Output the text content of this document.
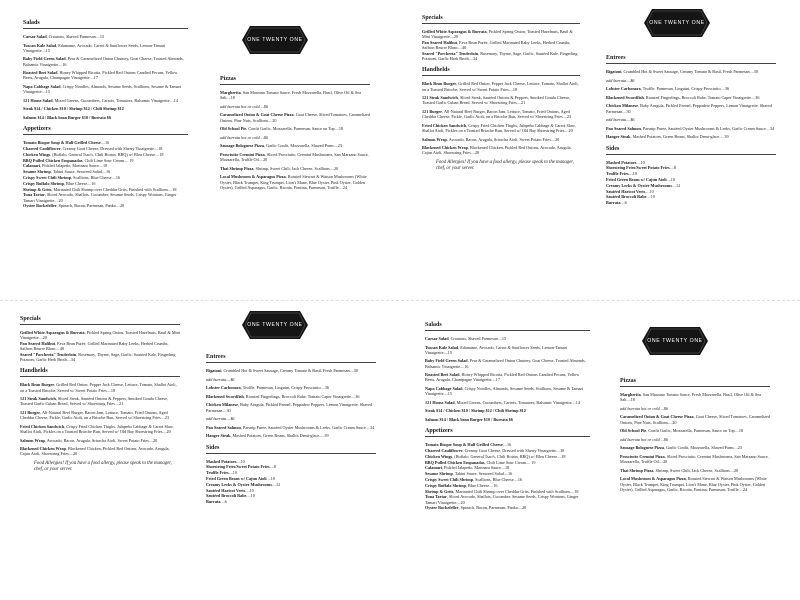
Salads
Caesar Salad, Croutons, Shaved Parmesan....15
Tuscan Kale Salad, Edamame, Avocado, Carrot & Sunflower Seeds, Lemon-Tamari Vinaigrette....15
Baby Field Green Salad, Pear & Caramelized Onion Chutney, Goat Cheese, Toasted Almonds, Balsamic Vinaigrette....16
Roasted Beet Salad, Honey Whipped Ricotta, Pickled Red Onions Candied Pecans, Yellow Beets, Arugula, Champagne Vinaigrette....17
Napa Cabbage Salad, Crispy Noodles, Almonds, Sesame Seeds, Scallions, Sesame & Tamari Vinaigrette....15
121 House Salad, Mixed Greens, Cucumbers, Carrots, Tomatoes, Balsamic Vinaigrette....14
Steak $14 / Chicken $10 / Shrimp $12 / Chili Shrimp $12
Salmon $14 / Black bean Burger $10 / Burrata $6
Appetizers
Tomato Bisque Soup & Half Grilled Cheese....16
Charred Cauliflower, Creamy Goat Cheese, Dressed with Sherry Vinaigrette....18
Chicken Wings, (Buffalo, General Tsao's, Chili Hoisin, BBQ) w/ Bleu Cheese....18
BBQ Pulled Chicken Empanadas, Chili Lime Sour Cream.... 19
Calamari, Pickled Jalapeño, Marinara Sauce....18
Sesame Shrimp, Tahini Sauce, Seaweed Salad....16
Crispy Sweet Chili Shrimp, Scallions, Blue Cheese....16
Crispy Buffalo Shrimp, Blue Cheese....16
Shrimp & Grits, Marinated Chili Shrimp over Cheddar Grits, Finished with Scallions....18
Tuna Tartar, Sliced Avocado, Shallots, Cucumber, Sesame Seeds, Crispy Wontons, Ginger Tamari Vinaigrette....20
Oyster Rockefeller, Spinach, Bacon, Parmesan, Panko....20
ONE TWENTY ONE
Pizzas
Margherita, San Marzano Tomato Sauce, Fresh Mozzarella, Basil, Olive Oil & Sea Salt....18
add burrata hot or cold....$6
Caramelized Onion & Goat Cheese Pizza, Goat Cheese, Sliced Tomatoes, Caramelized Onions, Pine Nuts, Scallions....20
Old School Pie, Confit Garlic, Mozzarella, Parmesan, Sauce on Top....18
add burrata hot or cold....$6
Sausage Bolognese Pizza, Garlic Confit, Mozzarella, Shaved Parm....23
Prosciutto Cremini Pizza, Sliced Prosciutto, Cremini Mushrooms, San Marzano Sauce, Mozzarella, Truffle Oil....20
Thai Shrimp Pizza, Shrimp, Sweet Chili, Jack Cheese, Scallions....20
Local Mushroom & Asparagus Pizza, Roasted Stewart & Watson Mushrooms (White Oyster, Black Trumpet, King Trumpet, Lion's Mane, Blue Oyster, Pink Oyster, Golden Oyster), Grilled Asparagus, Garlic, Ricotta, Fontina, Parmesan, Truffle....24
Specials
Grilled White Asparagus & Burrata, Pickled Spring Onion, Toasted Hazelnuts, Basil & Mint Vinaigrette....20
Pan Seared Halibut, Fava Bean Purée, Grilled Marinated Baby Leeks, Herbed Crumbs, Saffron Beurre Blanc....40
Seared "Porcheeta" Tenderloin, Rosemary, Thyme, Sage, Garlic, Sautéed Kale, Fingerling Potatoes, Garlic Herb Broth....34
Handhelds
Black Bean Burger, Grilled Red Onion, Pepper Jack Cheese, Lettuce, Tomato, Shallot Aioli, on a Toasted Brioche, Served w/ Sweet Potato Fries....18
121 Steak Sandwich, Sliced Steak, Sautéed Onions & Peppers, Smoked Gouda Cheese, Toasted Garlic Cuban Bread, Served w/ Shoestring Fries....21
121 Burger, All-Natural Beef Burger, Bacon Jam, Lettuce, Tomato, Fried Onions, Aged Cheddar Cheese, Pickle, Garlic Aioli, on a Brioche Bun, Served w/ Shoestring Fries....23
Fried Chicken Sandwich, Crispy Fried Chicken Thighs, Jalapeño Cabbage & Carrot Slaw, Shallot Aioli, Pickles on a Toasted Brioche Bun, Served w/ Old Bay Shoestring Fries....20
Salmon Wrap, Avocado, Bacon, Arugula, Sriracha Aioli, Sweet Potato Fries....20
Blackened Chicken Wrap, Blackened Chicken, Pickled Red Onions, Avocado, Arugula, Cajun Aioli, Shoestring Fries....20
Food Allergies! If you have a food allergy, please speak to the manager, chef, or your server.
ONE TWENTY ONE
Entrees
Rigatoni, Crumbled Hot & Sweet Sausage, Creamy Tomato & Basil, Fresh Parmesan....30
add burrata....$6
Lobster Carbonara, Truffle, Parmesan, Linguini, Crispy Prosciutto....36
Blackened Swordfish, Roasted Fingerlings, Broccoli Rabe, Tomato Caper Vinaigrette....36
Chicken Milanese, Baby Arugula, Pickled Fennel, Peppadew Peppers, Lemon Vinaigrette, Shaved Parmesan....30
add burrata....$6
Pan Seared Salmon, Parsnip Puree, Sautéed Oyster Mushrooms & Leeks, Garlic Cream Sauce....34
Hanger Steak, Mashed Potatoes, Green Beans, Shallot Demi-glace.....39
Sides
Mashed Potatoes....10
Shoestring Fries/Sweet Potato Fries....8
Truffle Fries....10
Fried Green Beans w/ Cajun Aioli....10
Creamy Leeks & Oyster Mushrooms....12
Sautéed Haricot Verts....10
Sautéed Broccoli Rabe....10
Burrata....6
Specials
Grilled White Asparagus & Burrata, Pickled Spring Onion, Toasted Hazelnuts, Basil & Mint Vinaigrette....20
Pan Seared Halibut, Fava Bean Purée, Grilled Marinated Baby Leeks, Herbed Crumbs, Saffron Beurre Blanc....40
Seared "Porcheeta" Tenderloin, Rosemary, Thyme, Sage, Garlic, Sautéed Kale, Fingerling Potatoes, Garlic Herb Broth....34
Handhelds
Black Bean Burger, Grilled Red Onion, Pepper Jack Cheese, Lettuce, Tomato, Shallot Aioli, on a Toasted Brioche, Served w/ Sweet Potato Fries....18
121 Steak Sandwich, Sliced Steak, Sautéed Onions & Peppers, Smoked Gouda Cheese, Toasted Garlic Cuban Bread, Served w/ Shoestring Fries....21
121 Burger, All-Natural Beef Burger, Bacon Jam, Lettuce, Tomato, Fried Onions, Aged Cheddar Cheese, Pickle, Garlic Aioli, on a Brioche Bun, Served w/ Shoestring Fries....23
Fried Chicken Sandwich, Crispy Fried Chicken Thighs, Jalapeño Cabbage & Carrot Slaw, Shallot Aioli, Pickles on a Toasted Brioche Bun, Served w/ Old Bay Shoestring Fries....20
Salmon Wrap, Avocado, Bacon, Arugula, Sriracha Aioli, Sweet Potato Fries....20
Blackened Chicken Wrap, Blackened Chicken, Pickled Red Onions, Avocado, Arugula, Cajun Aioli, Shoestring Fries....20
Food Allergies! If you have a food allergy, please speak to the manager, chef, or your server.
ONE TWENTY ONE
Entrees
Rigatoni, Crumbled Hot & Sweet Sausage, Creamy Tomato & Basil, Fresh Parmesan....30
add burrata....$6
Lobster Carbonara, Truffle, Parmesan, Linguini, Crispy Prosciutto....36
Blackened Swordfish, Roasted Fingerlings, Broccoli Rabe, Tomato Caper Vinaigrette....36
Chicken Milanese, Baby Arugula, Pickled Fennel, Peppadew Peppers, Lemon Vinaigrette, Shaved Parmesan....30
add burrata....$6
Pan Seared Salmon, Parsnip Puree, Sautéed Oyster Mushrooms & Leeks, Garlic Cream Sauce....34
Hanger Steak, Mashed Potatoes, Green Beans, Shallot Demi-glace.....39
Sides
Mashed Potatoes....10
Shoestring Fries/Sweet Potato Fries....8
Truffle Fries....10
Fried Green Beans w/ Cajun Aioli....10
Creamy Leeks & Oyster Mushrooms....12
Sautéed Haricot Verts....10
Sautéed Broccoli Rabe....10
Burrata....6
Salads
Caesar Salad, Croutons, Shaved Parmesan....15
Tuscan Kale Salad, Edamame, Avocado, Carrot & Sunflower Seeds, Lemon-Tamari Vinaigrette....15
Baby Field Green Salad, Pear & Caramelized Onion Chutney, Goat Cheese, Toasted Almonds, Balsamic Vinaigrette....16
Roasted Beet Salad, Honey Whipped Ricotta, Pickled Red Onions Candied Pecans, Yellow Beets, Arugula, Champagne Vinaigrette....17
Napa Cabbage Salad, Crispy Noodles, Almonds, Sesame Seeds, Scallions, Sesame & Tamari Vinaigrette....15
121 House Salad, Mixed Greens, Cucumbers, Carrots, Tomatoes, Balsamic Vinaigrette....14
Steak $14 / Chicken $10 / Shrimp $12 / Chili Shrimp $12
Salmon $14 / Black bean Burger $10 / Burrata $6
Appetizers
Tomato Bisque Soup & Half Grilled Cheese....16
Charred Cauliflower, Creamy Goat Cheese, Dressed with Sherry Vinaigrette....18
Chicken Wings, (Buffalo, General Tsao's, Chili Hoisin, BBQ) w/ Bleu Cheese....18
BBQ Pulled Chicken Empanadas, Chili Lime Sour Cream.... 19
Calamari, Pickled Jalapeño, Marinara Sauce....18
Sesame Shrimp, Tahini Sauce, Seaweed Salad....16
Crispy Sweet Chili Shrimp, Scallions, Blue Cheese....16
Crispy Buffalo Shrimp, Blue Cheese....16
Shrimp & Grits, Marinated Chili Shrimp over Cheddar Grits, Finished with Scallions....18
Tuna Tartar, Sliced Avocado, Shallots, Cucumber, Sesame Seeds, Crispy Wontons, Ginger Tamari Vinaigrette....20
Oyster Rockefeller, Spinach, Bacon, Parmesan, Panko....20
ONE TWENTY ONE
Pizzas
Margherita, San Marzano Tomato Sauce, Fresh Mozzarella, Basil, Olive Oil & Sea Salt....18
add burrata hot or cold....$6
Caramelized Onion & Goat Cheese Pizza, Goat Cheese, Sliced Tomatoes, Caramelized Onions, Pine Nuts, Scallions....20
Old School Pie, Confit Garlic, Mozzarella, Parmesan, Sauce on Top....18
add burrata hot or cold....$6
Sausage Bolognese Pizza, Garlic Confit, Mozzarella, Shaved Parm....23
Prosciutto Cremini Pizza, Sliced Prosciutto, Cremini Mushrooms, San Marzano Sauce, Mozzarella, Truffle Oil....20
Thai Shrimp Pizza, Shrimp, Sweet Chili, Jack Cheese, Scallions....20
Local Mushroom & Asparagus Pizza, Roasted Stewart & Watson Mushrooms (White Oyster, Black Trumpet, King Trumpet, Lion's Mane, Blue Oyster, Pink Oyster, Golden Oyster), Grilled Asparagus, Garlic, Ricotta, Fontina, Parmesan, Truffle....24
